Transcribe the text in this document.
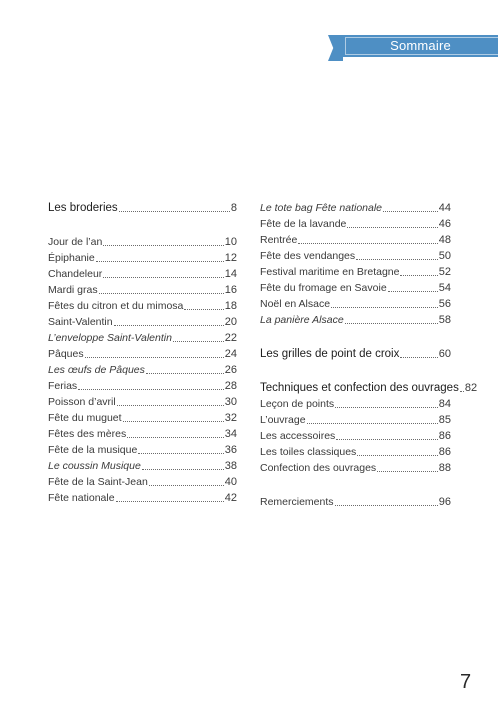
Sommaire
Les broderies	8
Jour de l’an	10
Épiphanie	12
Chandeleur	14
Mardi gras	16
Fêtes du citron et du mimosa	18
Saint-Valentin	20
L’enveloppe Saint-Valentin	22
Pâques	24
Les œufs de Pâques	26
Ferias	28
Poisson d’avril	30
Fête du muguet	32
Fêtes des mères	34
Fête de la musique	36
Le coussin Musique	38
Fête de la Saint-Jean	40
Fête nationale	42
Le tote bag Fête nationale	44
Fête de la lavande	46
Rentrée	48
Fête des vendanges	50
Festival maritime en Bretagne	52
Fête du fromage en Savoie	54
Noël en Alsace	56
La panière Alsace	58
Les grilles de point de croix	60
Techniques et confection des ouvrages 82
Leçon de points	84
L’ouvrage	85
Les accessoires	86
Les toiles classiques	86
Confection des ouvrages	88
Remerciements	96
7
